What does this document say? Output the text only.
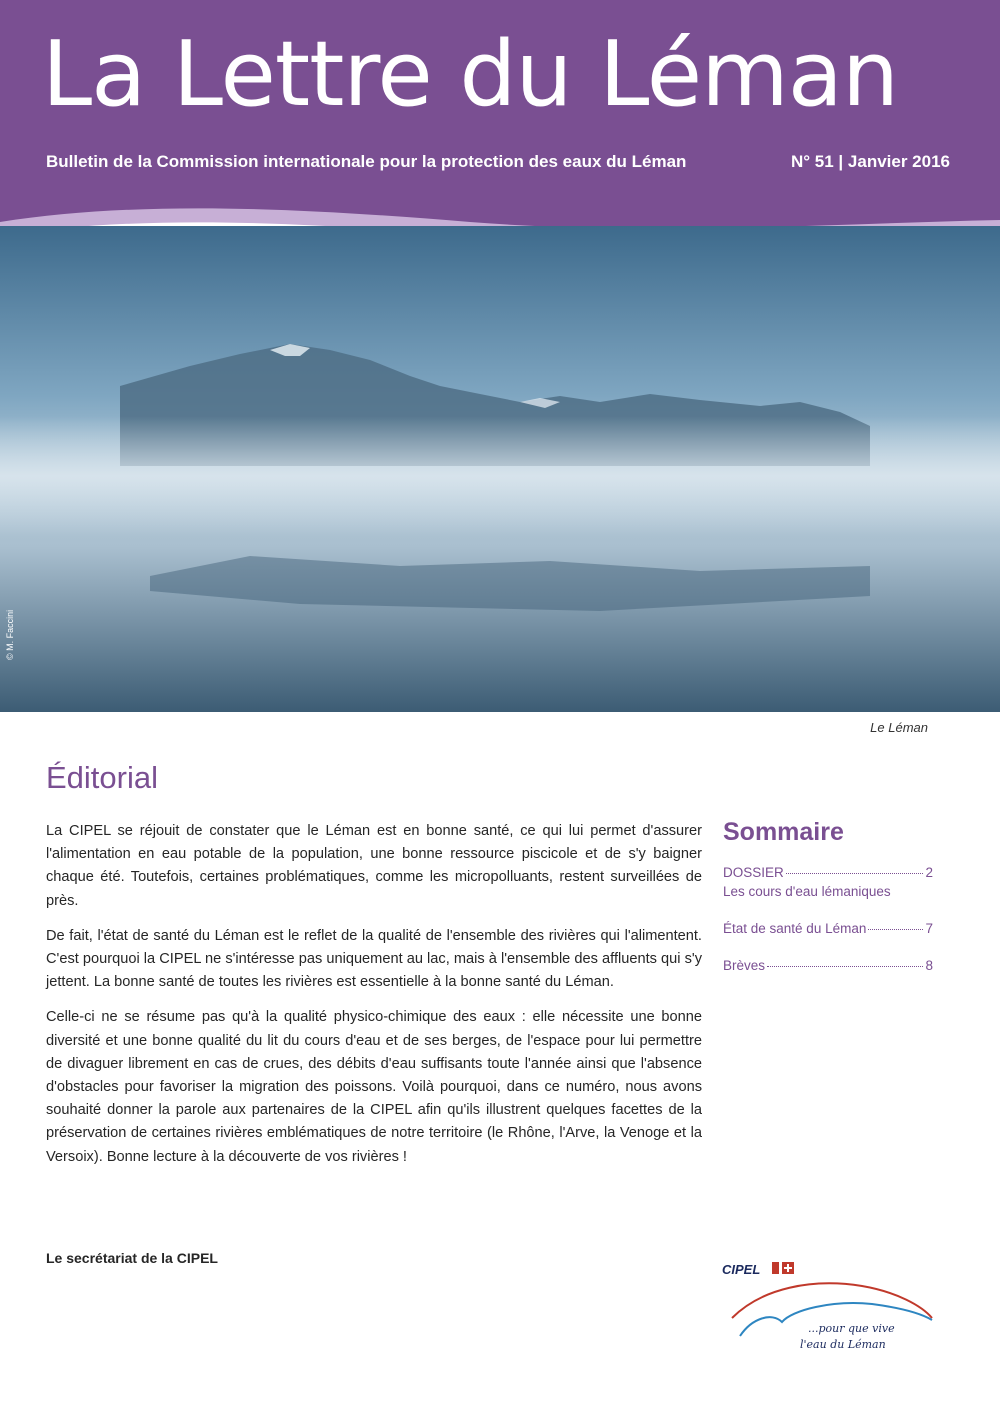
La Lettre du Léman
Bulletin de la Commission internationale pour la protection des eaux du Léman	N° 51 | Janvier 2016
© M. Faccini
Le Léman
Éditorial

La CIPEL se réjouit de constater que le Léman est en bonne santé, ce qui lui permet d'assurer l'alimentation en eau potable de la population, une bonne ressource piscicole et de s'y baigner chaque été. Toutefois, certaines problématiques, comme les micropolluants, restent surveillées de près.

De fait, l'état de santé du Léman est le reflet de la qualité de l'ensemble des rivières qui l'alimentent. C'est pourquoi la CIPEL ne s'intéresse pas uniquement au lac, mais à l'ensemble des affluents qui s'y jettent. La bonne santé de toutes les rivières est essentielle à la bonne santé du Léman.

Celle-ci ne se résume pas qu'à la qualité physico-chimique des eaux : elle nécessite une bonne diversité et une bonne qualité du lit du cours d'eau et de ses berges, de l'espace pour lui permettre de divaguer librement en cas de crues, des débits d'eau suffisants toute l'année ainsi que l'absence d'obstacles pour favoriser la migration des poissons. Voilà pourquoi, dans ce numéro, nous avons souhaité donner la parole aux partenaires de la CIPEL afin qu'ils illustrent quelques facettes de la préservation de certaines rivières emblématiques de notre territoire (le Rhône, l'Arve, la Venoge et la Versoix). Bonne lecture à la découverte de vos rivières !

Le secrétariat de la CIPEL
Sommaire
DOSSIER	2
Les cours d'eau lémaniques
État de santé du Léman	7
Brèves	8
CIPEL
...pour que vive
l'eau du Léman
